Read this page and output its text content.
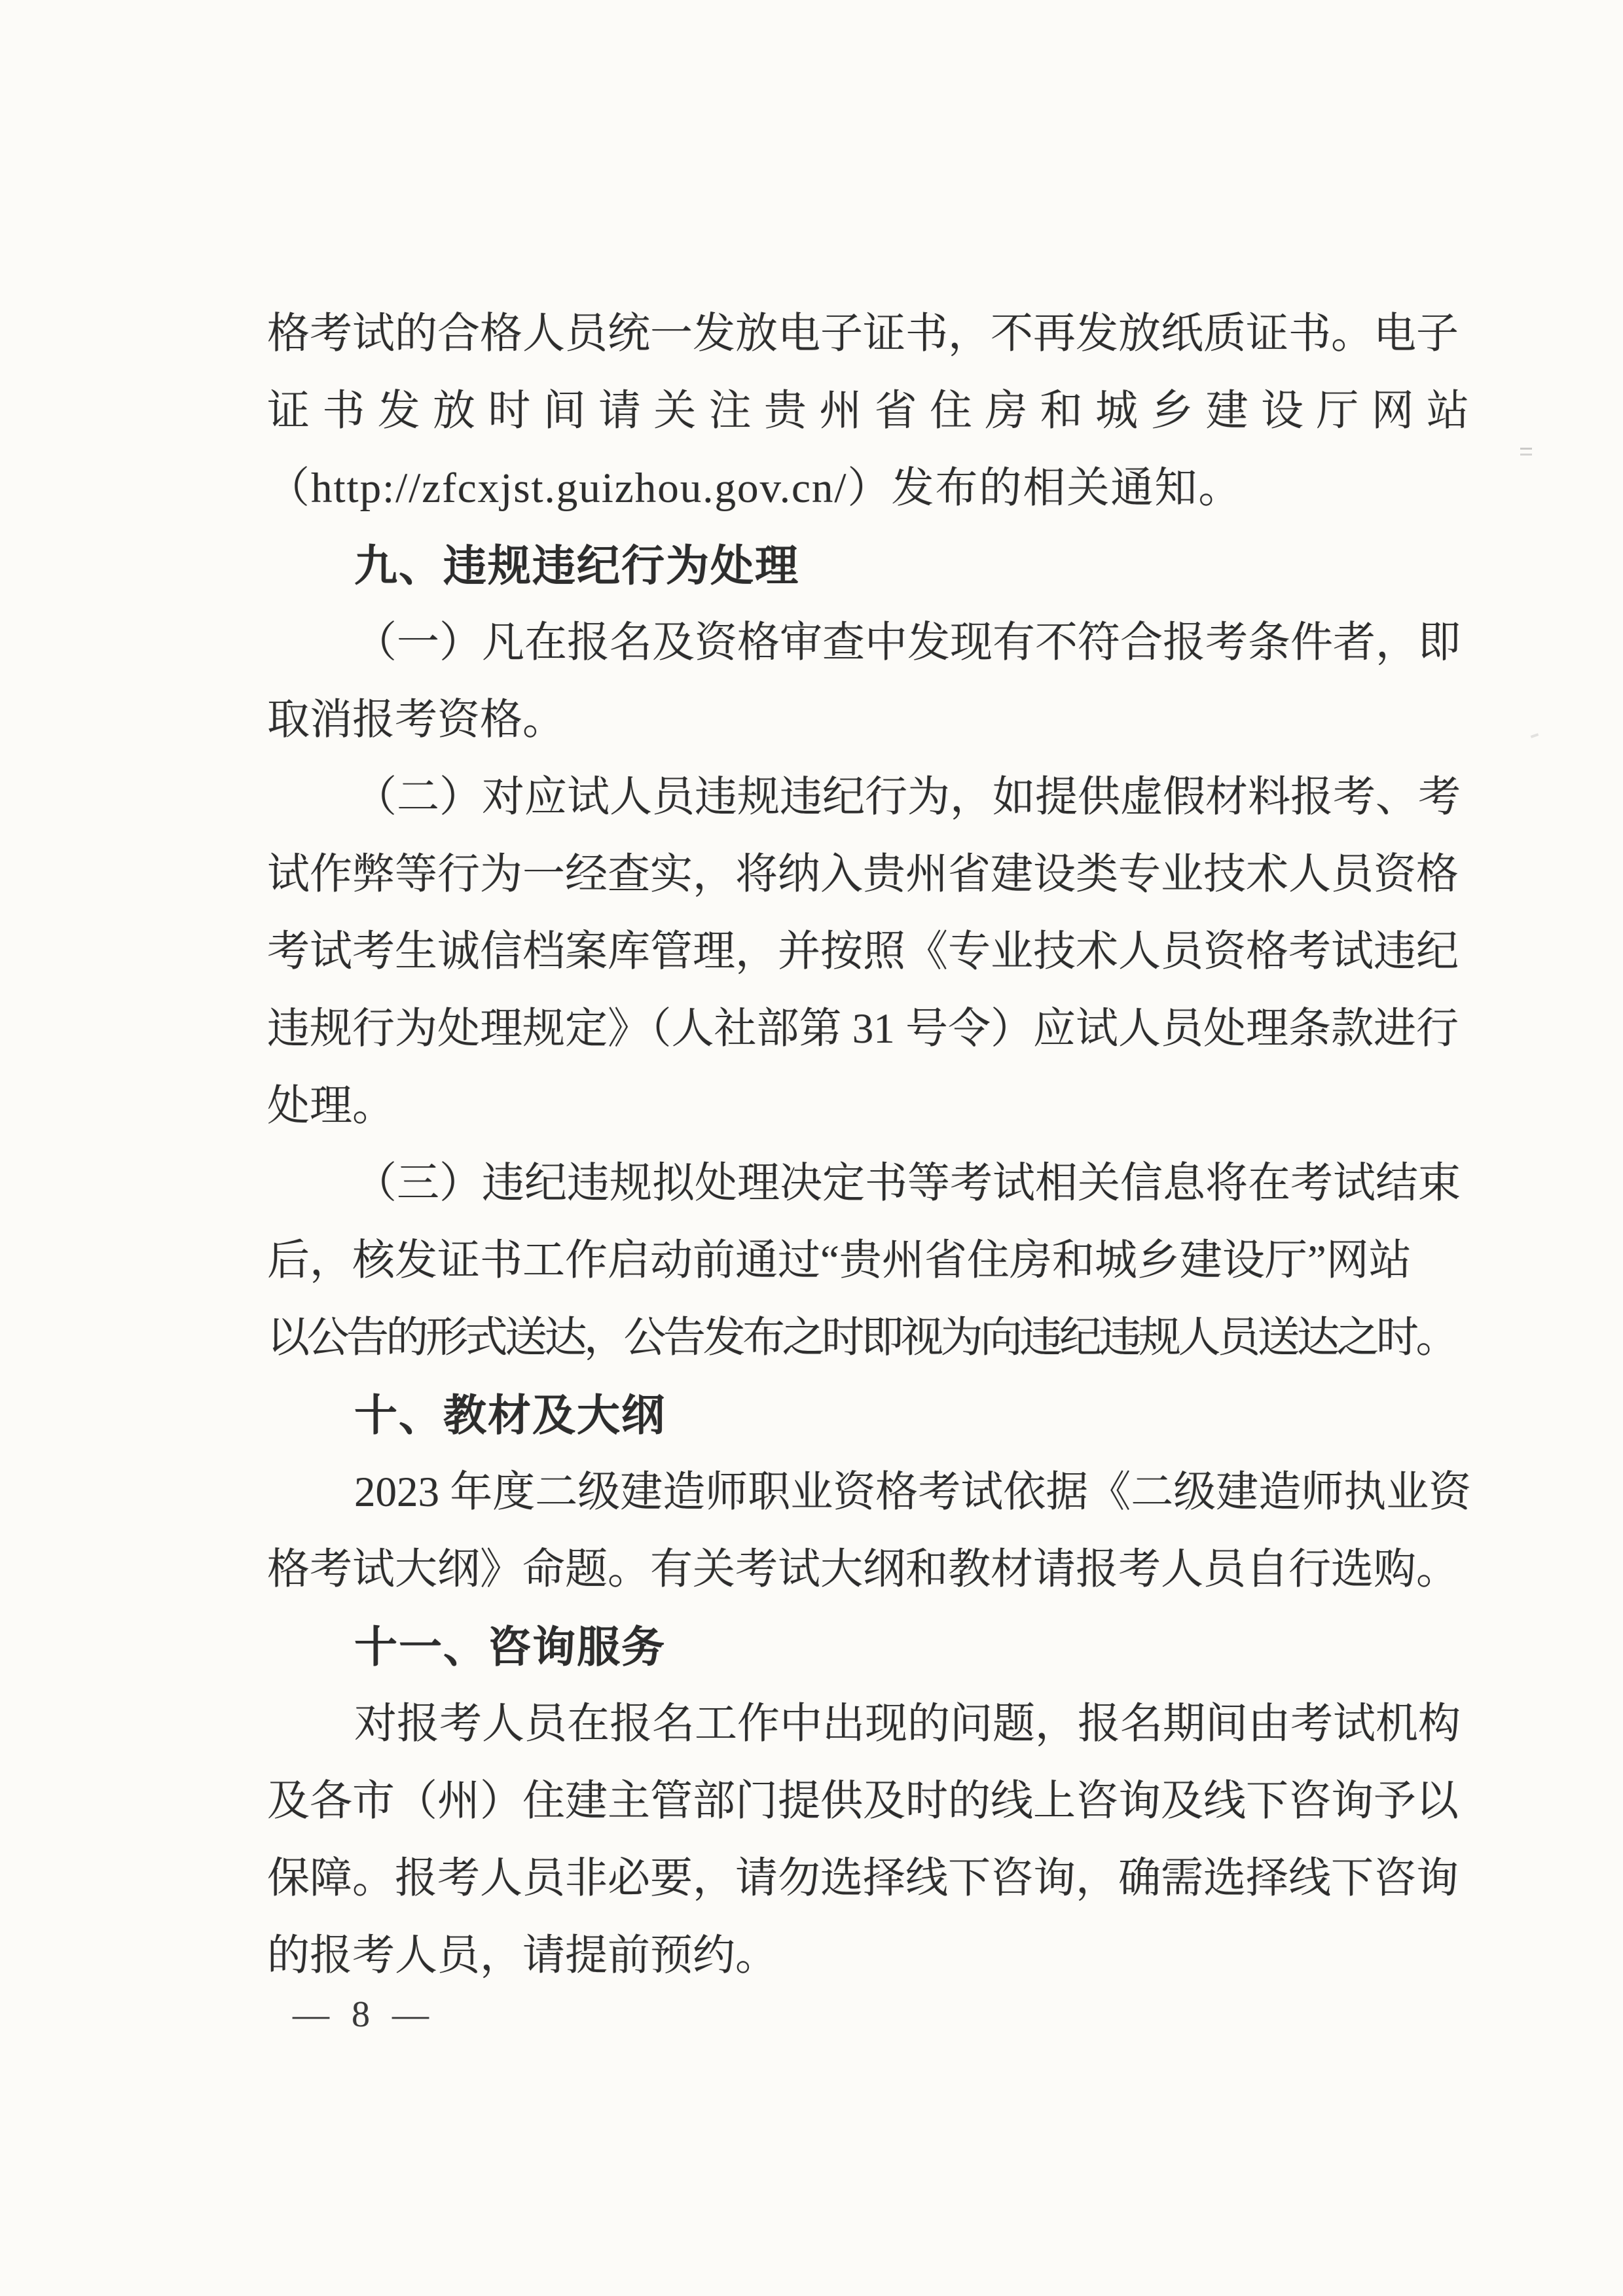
格考试的合格人员统一发放电子证书，不再发放纸质证书。电子
证书发放时间请关注贵州省住房和城乡建设厅网站
（http://zfcxjst.guizhou.gov.cn/）发布的相关通知。
九、违规违纪行为处理
（一）凡在报名及资格审查中发现有不符合报考条件者，即
取消报考资格。
（二）对应试人员违规违纪行为，如提供虚假材料报考、考
试作弊等行为一经查实，将纳入贵州省建设类专业技术人员资格
考试考生诚信档案库管理，并按照《专业技术人员资格考试违纪
违规行为处理规定》（人社部第 31 号令）应试人员处理条款进行
处理。
（三）违纪违规拟处理决定书等考试相关信息将在考试结束
后，核发证书工作启动前通过“贵州省住房和城乡建设厅”网站
以公告的形式送达，公告发布之时即视为向违纪违规人员送达之时。
十、教材及大纲
2023 年度二级建造师职业资格考试依据《二级建造师执业资
格考试大纲》命题。有关考试大纲和教材请报考人员自行选购。
十一、咨询服务
对报考人员在报名工作中出现的问题，报名期间由考试机构
及各市（州）住建主管部门提供及时的线上咨询及线下咨询予以
保障。报考人员非必要，请勿选择线下咨询，确需选择线下咨询
的报考人员，请提前预约。
— 8 —
